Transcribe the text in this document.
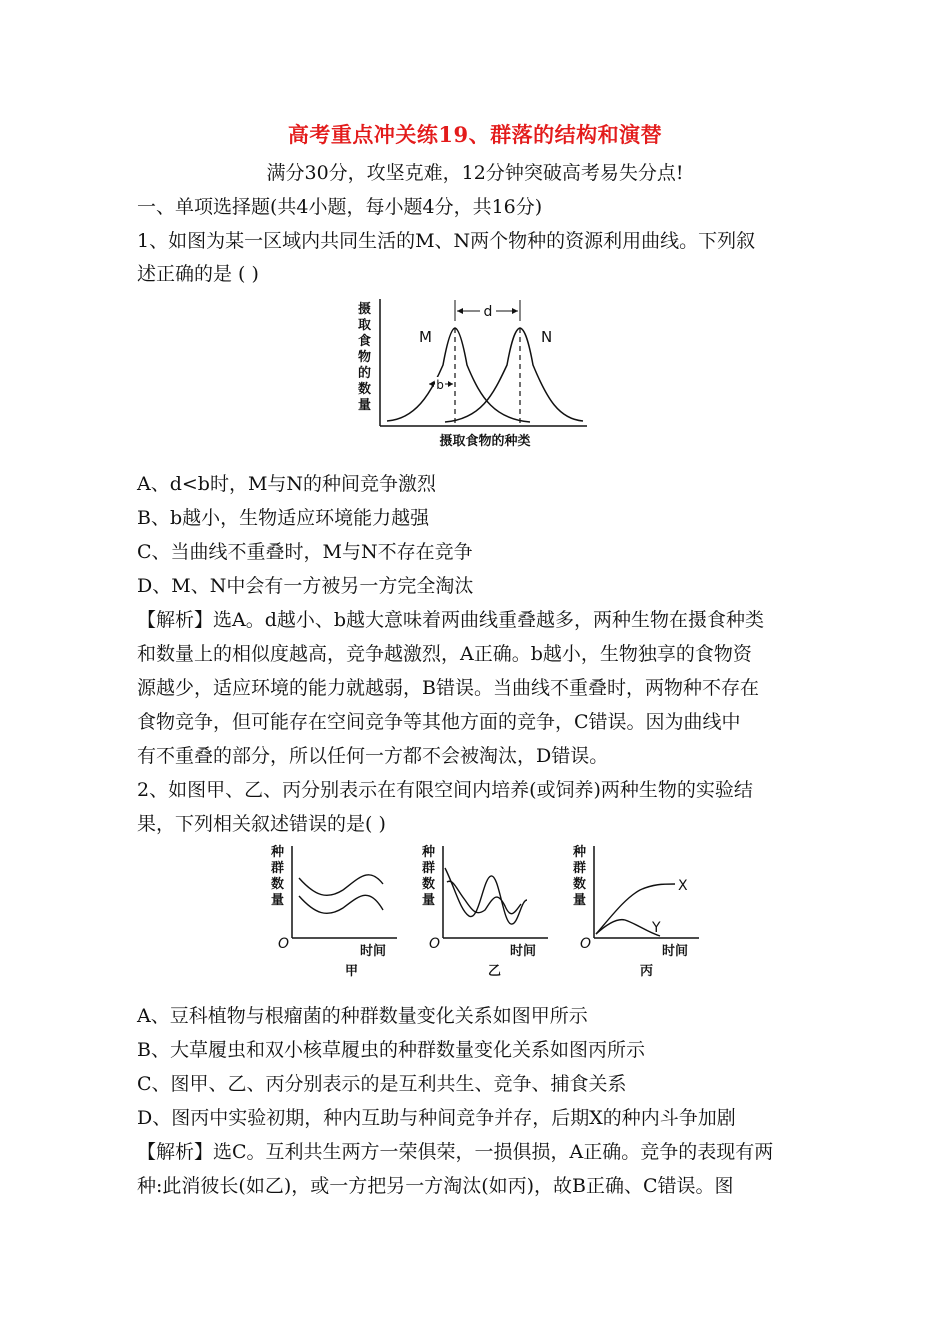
高考重点冲关练19、群落的结构和演替
满分30分，攻坚克难，12分钟突破高考易失分点!
一、单项选择题(共4小题，每小题4分，共16分)
1、如图为某一区域内共同生活的M、N两个物种的资源利用曲线。下列叙
述正确的是 ( )
摄
取
食
物
的
数
量
d
b
M	N
摄取食物的种类
A、d<b时，M与N的种间竞争激烈
B、b越小，生物适应环境能力越强
C、当曲线不重叠时，M与N不存在竞争
D、M、N中会有一方被另一方完全淘汰
【解析】选A。d越小、b越大意味着两曲线重叠越多，两种生物在摄食种类
和数量上的相似度越高，竞争越激烈，A正确。b越小，生物独享的食物资
源越少，适应环境的能力就越弱，B错误。当曲线不重叠时，两物种不存在
食物竞争，但可能存在空间竞争等其他方面的竞争，C错误。因为曲线中
有不重叠的部分，所以任何一方都不会被淘汰，D错误。
2、如图甲、乙、丙分别表示在有限空间内培养(或饲养)两种生物的实验结
果，下列相关叙述错误的是( )
种
群
数
量
O	时间
甲
种
群
数
量
O	时间
乙
种
群
数
量
X
Y
O	时间
丙
A、豆科植物与根瘤菌的种群数量变化关系如图甲所示
B、大草履虫和双小核草履虫的种群数量变化关系如图丙所示
C、图甲、乙、丙分别表示的是互利共生、竞争、捕食关系
D、图丙中实验初期，种内互助与种间竞争并存，后期X的种内斗争加剧
【解析】选C。互利共生两方一荣俱荣，一损俱损，A正确。竞争的表现有两
种:此消彼长(如乙)，或一方把另一方淘汰(如丙)，故B正确、C错误。图
